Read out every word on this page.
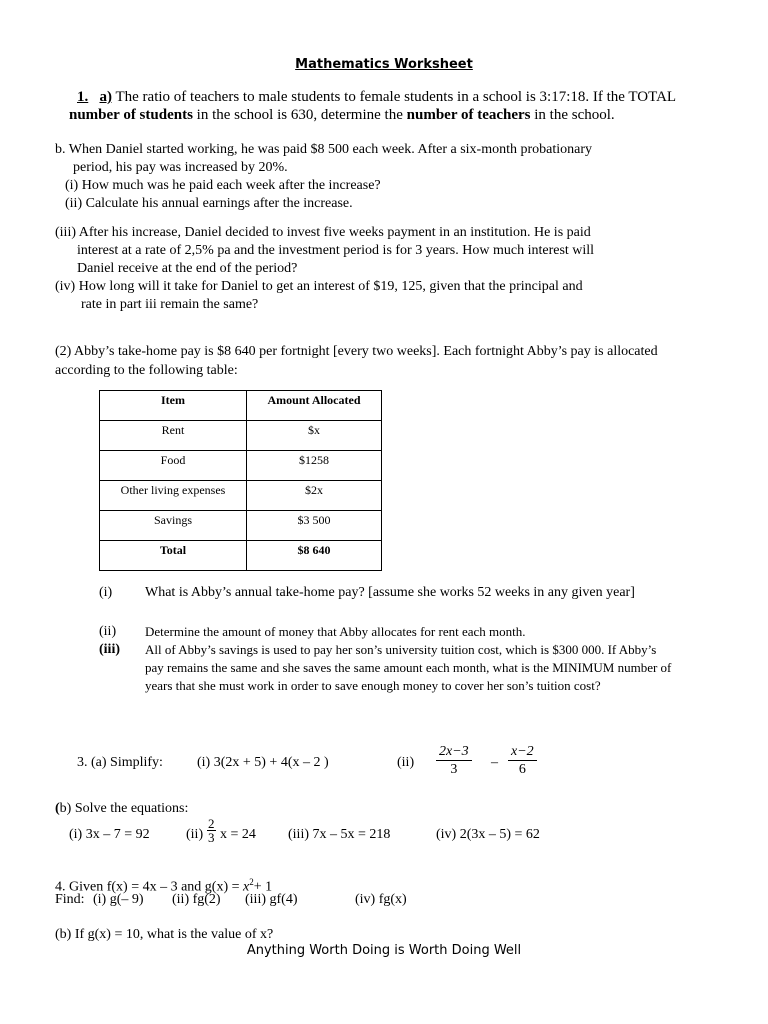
Mathematics Worksheet
1. a) The ratio of teachers to male students to female students in a school is 3:17:18. If the TOTAL
number of students in the school is 630, determine the number of teachers in the school.
b. When Daniel started working, he was paid $8 500 each week. After a six-month probationary
period, his pay was increased by 20%.
(i) How much was he paid each week after the increase?
(ii) Calculate his annual earnings after the increase.
(iii) After his increase, Daniel decided to invest five weeks payment in an institution. He is paid
interest at a rate of 2,5% pa and the investment period is for 3 years. How much interest will
Daniel receive at the end of the period?
(iv) How long will it take for Daniel to get an interest of $19, 125, given that the principal and
rate in part iii remain the same?
(2) Abby’s take-home pay is $8 640 per fortnight [every two weeks]. Each fortnight Abby’s pay is allocated
according to the following table:
Item	Amount Allocated
Rent	$x
Food	$1258
Other living expenses	$2x
Savings	$3 500
Total	$8 640
(i) What is Abby’s annual take-home pay? [assume she works 52 weeks in any given year]
(ii) Determine the amount of money that Abby allocates for rent each month.
(iii) All of Abby’s savings is used to pay her son’s university tuition cost, which is $300 000. If Abby’s
pay remains the same and she saves the same amount each month, what is the MINIMUM number of
years that she must work in order to save enough money to cover her son’s tuition cost?
3. (a) Simplify: (i) 3(2x + 5) + 4(x – 2 )	$(ii) \frac{2x-3}{3} - \frac{x-2}{6}$
(b) Solve the equations:
(i) 3x – 7 = 92	$(ii) \frac{2}{3}$ x = 24 (iii) 7x – 5x = 218	(iv) 2(3x – 5) = 62
4. Given f(x) = 4x – 3 and $g(x) = x^2+ 1$
Find: (i) g(– 9) (ii) fg(2) (iii) gf(4)	(iv) fg(x)
(b) If g(x) = 10, what is the value of x?
Anything Worth Doing is Worth Doing Well
